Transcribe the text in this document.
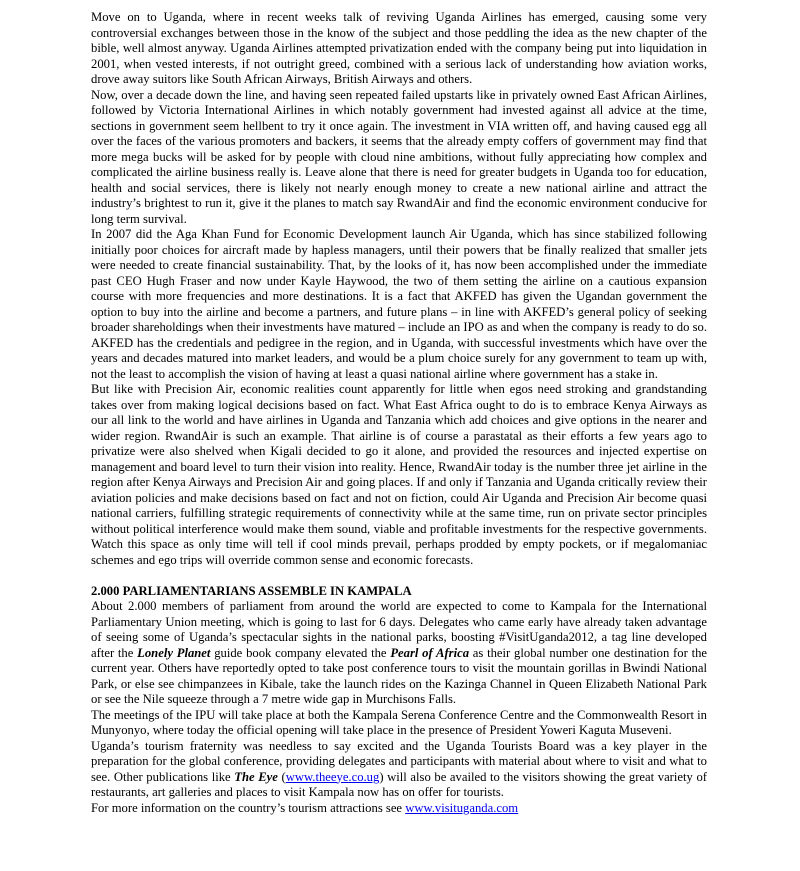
Move on to Uganda, where in recent weeks talk of reviving Uganda Airlines has emerged, causing some very controversial exchanges between those in the know of the subject and those peddling the idea as the new chapter of the bible, well almost anyway. Uganda Airlines attempted privatization ended with the company being put into liquidation in 2001, when vested interests, if not outright greed, combined with a serious lack of understanding how aviation works, drove away suitors like South African Airways, British Airways and others.

Now, over a decade down the line, and having seen repeated failed upstarts like in privately owned East African Airlines, followed by Victoria International Airlines in which notably government had invested against all advice at the time, sections in government seem hellbent to try it once again. The investment in VIA written off, and having caused egg all over the faces of the various promoters and backers, it seems that the already empty coffers of government may find that more mega bucks will be asked for by people with cloud nine ambitions, without fully appreciating how complex and complicated the airline business really is. Leave alone that there is need for greater budgets in Uganda too for education, health and social services, there is likely not nearly enough money to create a new national airline and attract the industry’s brightest to run it, give it the planes to match say RwandAir and find the economic environment conducive for long term survival.

In 2007 did the Aga Khan Fund for Economic Development launch Air Uganda, which has since stabilized following initially poor choices for aircraft made by hapless managers, until their powers that be finally realized that smaller jets were needed to create financial sustainability. That, by the looks of it, has now been accomplished under the immediate past CEO Hugh Fraser and now under Kayle Haywood, the two of them setting the airline on a cautious expansion course with more frequencies and more destinations. It is a fact that AKFED has given the Ugandan government the option to buy into the airline and become a partners, and future plans – in line with AKFED’s general policy of seeking broader shareholdings when their investments have matured – include an IPO as and when the company is ready to do so. AKFED has the credentials and pedigree in the region, and in Uganda, with successful investments which have over the years and decades matured into market leaders, and would be a plum choice surely for any government to team up with, not the least to accomplish the vision of having at least a quasi national airline where government has a stake in.

But like with Precision Air, economic realities count apparently for little when egos need stroking and grandstanding takes over from making logical decisions based on fact. What East Africa ought to do is to embrace Kenya Airways as our all link to the world and have airlines in Uganda and Tanzania which add choices and give options in the nearer and wider region. RwandAir is such an example. That airline is of course a parastatal as their efforts a few years ago to privatize were also shelved when Kigali decided to go it alone, and provided the resources and injected expertise on management and board level to turn their vision into reality. Hence, RwandAir today is the number three jet airline in the region after Kenya Airways and Precision Air and going places. If and only if Tanzania and Uganda critically review their aviation policies and make decisions based on fact and not on fiction, could Air Uganda and Precision Air become quasi national carriers, fulfilling strategic requirements of connectivity while at the same time, run on private sector principles without political interference would make them sound, viable and profitable investments for the respective governments. Watch this space as only time will tell if cool minds prevail, perhaps prodded by empty pockets, or if megalomaniac schemes and ego trips will override common sense and economic forecasts.

2.000 PARLIAMENTARIANS ASSEMBLE IN KAMPALA

About 2.000 members of parliament from around the world are expected to come to Kampala for the International Parliamentary Union meeting, which is going to last for 6 days. Delegates who came early have already taken advantage of seeing some of Uganda’s spectacular sights in the national parks, boosting #VisitUganda2012, a tag line developed after the Lonely Planet guide book company elevated the Pearl of Africa as their global number one destination for the current year. Others have reportedly opted to take post conference tours to visit the mountain gorillas in Bwindi National Park, or else see chimpanzees in Kibale, take the launch rides on the Kazinga Channel in Queen Elizabeth National Park or see the Nile squeeze through a 7 metre wide gap in Murchisons Falls.

The meetings of the IPU will take place at both the Kampala Serena Conference Centre and the Commonwealth Resort in Munyonyo, where today the official opening will take place in the presence of President Yoweri Kaguta Museveni.

Uganda’s tourism fraternity was needless to say excited and the Uganda Tourists Board was a key player in the preparation for the global conference, providing delegates and participants with material about where to visit and what to see. Other publications like The Eye (www.theeye.co.ug) will also be availed to the visitors showing the great variety of restaurants, art galleries and places to visit Kampala now has on offer for tourists.

For more information on the country’s tourism attractions see www.visituganda.com
